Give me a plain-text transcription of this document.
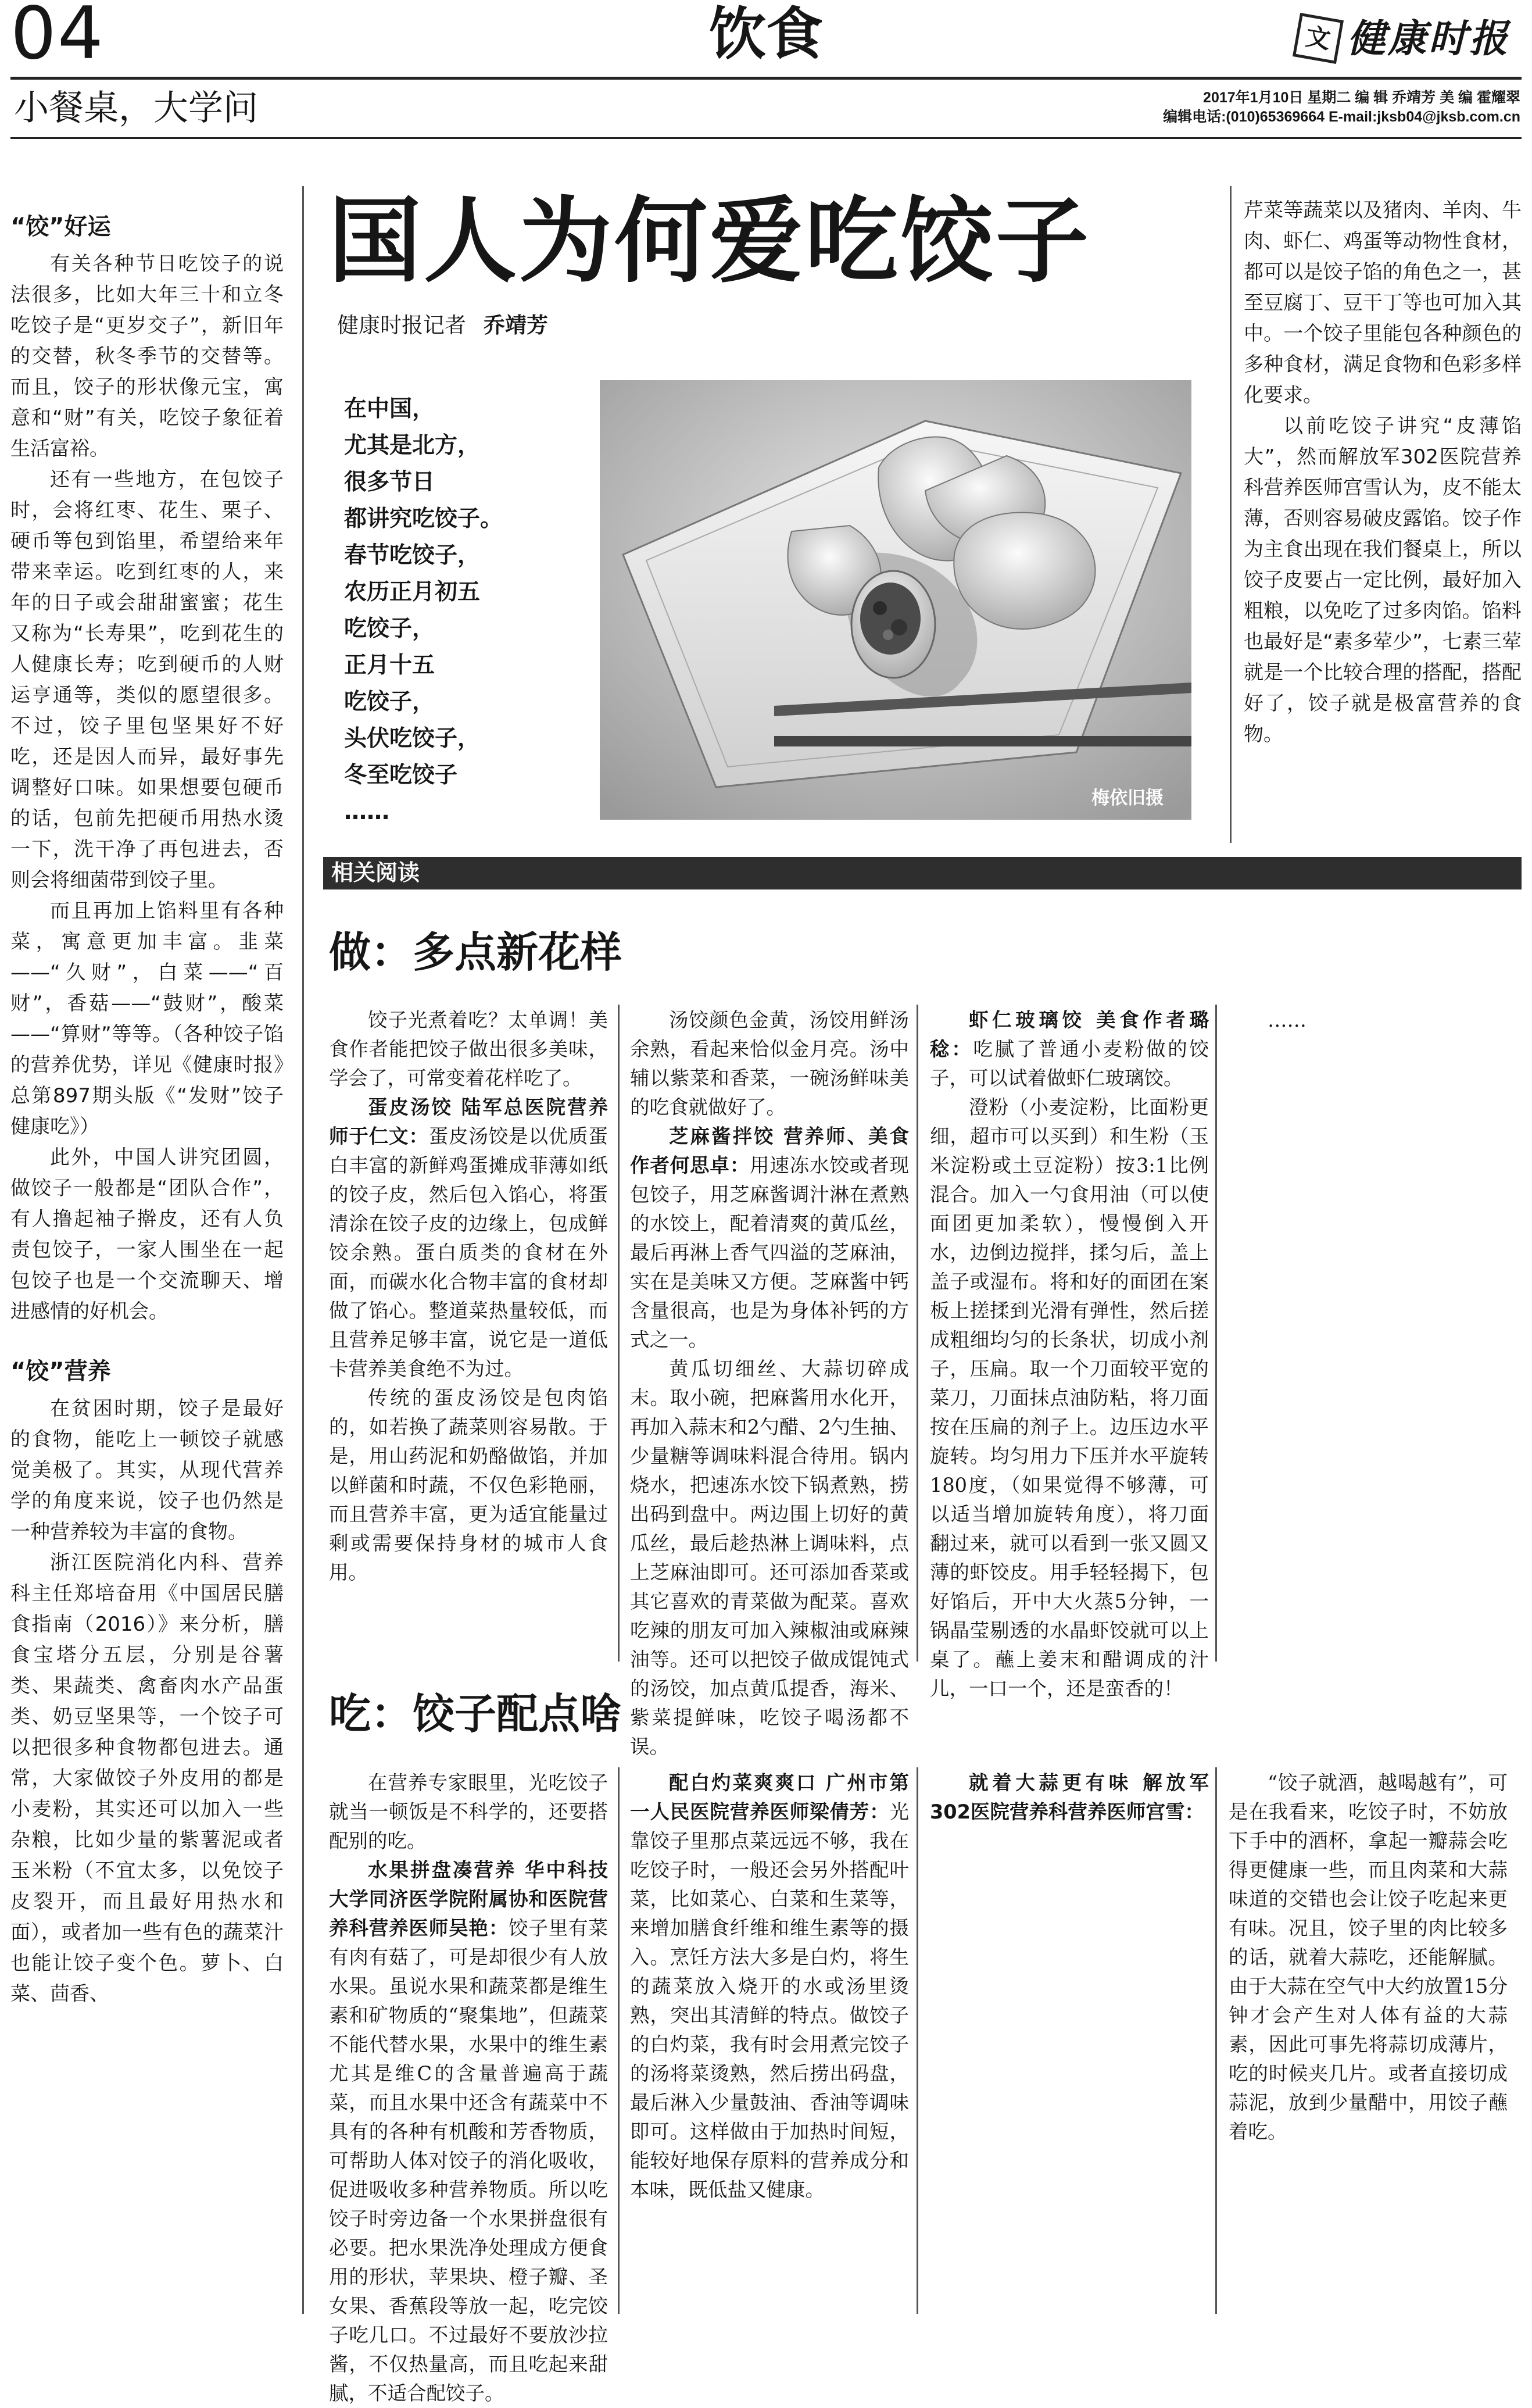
04	饮食	文 健康时报
小餐桌，大学问	2017年1月10日 星期二 编 辑 乔靖芳 美 编 霍耀翠
编辑电话:(010)65369664 E-mail:jksb04@jksb.com.cn
“饺”好运

有关各种节日吃饺子的说法很多，比如大年三十和立冬吃饺子是“更岁交子”，新旧年的交替，秋冬季节的交替等。而且，饺子的形状像元宝，寓意和“财”有关，吃饺子象征着生活富裕。

还有一些地方，在包饺子时，会将红枣、花生、栗子、硬币等包到馅里，希望给来年带来幸运。吃到红枣的人，来年的日子或会甜甜蜜蜜；花生又称为“长寿果”，吃到花生的人健康长寿；吃到硬币的人财运亨通等，类似的愿望很多。不过，饺子里包坚果好不好吃，还是因人而异，最好事先调整好口味。如果想要包硬币的话，包前先把硬币用热水烫一下，洗干净了再包进去，否则会将细菌带到饺子里。

而且再加上馅料里有各种菜，寓意更加丰富。韭菜——“久财”，白菜——“百财”，香菇——“鼓财”，酸菜——“算财”等等。（各种饺子馅的营养优势，详见《健康时报》总第897期头版《“发财”饺子健康吃》）

此外，中国人讲究团圆，做饺子一般都是“团队合作”，有人撸起袖子擀皮，还有人负责包饺子，一家人围坐在一起包饺子也是一个交流聊天、增进感情的好机会。

“饺”营养

在贫困时期，饺子是最好的食物，能吃上一顿饺子就感觉美极了。其实，从现代营养学的角度来说，饺子也仍然是一种营养较为丰富的食物。

浙江医院消化内科、营养科主任郑培奋用《中国居民膳食指南（2016）》来分析，膳食宝塔分五层，分别是谷薯类、果蔬类、禽畜肉水产品蛋类、奶豆坚果等，一个饺子可以把很多种食物都包进去。通常，大家做饺子外皮用的都是小麦粉，其实还可以加入一些杂粮，比如少量的紫薯泥或者玉米粉（不宜太多，以免饺子皮裂开，而且最好用热水和面），或者加一些有色的蔬菜汁也能让饺子变个色。萝卜、白菜、茴香、

国人为何爱吃饺子
健康时报记者 乔靖芳
在中国，
尤其是北方，
很多节日
都讲究吃饺子。
春节吃饺子，
农历正月初五
吃饺子，
正月十五
吃饺子，
头伏吃饺子，
冬至吃饺子
……
梅依旧摄

芹菜等蔬菜以及猪肉、羊肉、牛肉、虾仁、鸡蛋等动物性食材，都可以是饺子馅的角色之一，甚至豆腐丁、豆干丁等也可加入其中。一个饺子里能包各种颜色的多种食材，满足食物和色彩多样化要求。

以前吃饺子讲究“皮薄馅大”，然而解放军302医院营养科营养医师宫雪认为，皮不能太薄，否则容易破皮露馅。饺子作为主食出现在我们餐桌上，所以饺子皮要占一定比例，最好加入粗粮，以免吃了过多肉馅。馅料也最好是“素多荤少”，七素三荤就是一个比较合理的搭配，搭配好了，饺子就是极富营养的食物。

相关阅读
做：多点新花样

饺子光煮着吃？太单调！美食作者能把饺子做出很多美味，学会了，可常变着花样吃了。

蛋皮汤饺 陆军总医院营养师于仁文：蛋皮汤饺是以优质蛋白丰富的新鲜鸡蛋摊成菲薄如纸的饺子皮，然后包入馅心，将蛋清涂在饺子皮的边缘上，包成鲜饺余熟。蛋白质类的食材在外面，而碳水化合物丰富的食材却做了馅心。整道菜热量较低，而且营养足够丰富，说它是一道低卡营养美食绝不为过。

传统的蛋皮汤饺是包肉馅的，如若换了蔬菜则容易散。于是，用山药泥和奶酪做馅，并加以鲜菌和时蔬，不仅色彩艳丽，而且营养丰富，更为适宜能量过剩或需要保持身材的城市人食用。

汤饺颜色金黄，汤饺用鲜汤余熟，看起来恰似金月亮。汤中辅以紫菜和香菜，一碗汤鲜味美的吃食就做好了。

芝麻酱拌饺 营养师、美食作者何思卓：用速冻水饺或者现包饺子，用芝麻酱调汁淋在煮熟的水饺上，配着清爽的黄瓜丝，最后再淋上香气四溢的芝麻油，实在是美味又方便。芝麻酱中钙含量很高，也是为身体补钙的方式之一。

黄瓜切细丝、大蒜切碎成末。取小碗，把麻酱用水化开，再加入蒜末和2勺醋、2勺生抽、少量糖等调味料混合待用。锅内烧水，把速冻水饺下锅煮熟，捞出码到盘中。两边围上切好的黄瓜丝，最后趁热淋上调味料，点上芝麻油即可。还可添加香菜或其它喜欢的青菜做为配菜。喜欢吃辣的朋友可加入辣椒油或麻辣油等。还可以把饺子做成馄饨式的汤饺，加点黄瓜提香，海米、紫菜提鲜味，吃饺子喝汤都不误。

虾仁玻璃饺 美食作者璐稔：吃腻了普通小麦粉做的饺子，可以试着做虾仁玻璃饺。

澄粉（小麦淀粉，比面粉更细，超市可以买到）和生粉（玉米淀粉或土豆淀粉）按3:1比例混合。加入一勺食用油（可以使面团更加柔软），慢慢倒入开水，边倒边搅拌，揉匀后，盖上盖子或湿布。将和好的面团在案板上搓揉到光滑有弹性，然后搓成粗细均匀的长条状，切成小剂子，压扁。取一个刀面较平宽的菜刀，刀面抹点油防粘，将刀面按在压扁的剂子上。边压边水平旋转。均匀用力下压并水平旋转180度，（如果觉得不够薄，可以适当增加旋转角度），将刀面翻过来，就可以看到一张又圆又薄的虾饺皮。用手轻轻揭下，包好馅后，开中大火蒸5分钟，一锅晶莹剔透的水晶虾饺就可以上桌了。蘸上姜末和醋调成的汁儿，一口一个，还是蛮香的！

……

吃：饺子配点啥

在营养专家眼里，光吃饺子就当一顿饭是不科学的，还要搭配别的吃。

水果拼盘凑营养 华中科技大学同济医学院附属协和医院营养科营养医师吴艳：饺子里有菜有肉有菇了，可是却很少有人放水果。虽说水果和蔬菜都是维生素和矿物质的“聚集地”，但蔬菜不能代替水果，水果中的维生素尤其是维C的含量普遍高于蔬菜，而且水果中还含有蔬菜中不具有的各种有机酸和芳香物质，可帮助人体对饺子的消化吸收，促进吸收多种营养物质。所以吃饺子时旁边备一个水果拼盘很有必要。把水果洗净处理成方便食用的形状，苹果块、橙子瓣、圣女果、香蕉段等放一起，吃完饺子吃几口。不过最好不要放沙拉酱，不仅热量高，而且吃起来甜腻，不适合配饺子。

配白灼菜爽爽口 广州市第一人民医院营养医师梁倩芳：光靠饺子里那点菜远远不够，我在吃饺子时，一般还会另外搭配叶菜，比如菜心、白菜和生菜等，来增加膳食纤维和维生素等的摄入。烹饪方法大多是白灼，将生的蔬菜放入烧开的水或汤里烫熟，突出其清鲜的特点。做饺子的白灼菜，我有时会用煮完饺子的汤将菜烫熟，然后捞出码盘，最后淋入少量鼓油、香油等调味即可。这样做由于加热时间短，能较好地保存原料的营养成分和本味，既低盐又健康。

就着大蒜更有味 解放军302医院营养科营养医师宫雪：

“饺子就酒，越喝越有”，可是在我看来，吃饺子时，不妨放下手中的酒杯，拿起一瓣蒜会吃得更健康一些，而且肉菜和大蒜味道的交错也会让饺子吃起来更有味。况且，饺子里的肉比较多的话，就着大蒜吃，还能解腻。由于大蒜在空气中大约放置15分钟才会产生对人体有益的大蒜素，因此可事先将蒜切成薄片，吃的时候夹几片。或者直接切成蒜泥，放到少量醋中，用饺子蘸着吃。
